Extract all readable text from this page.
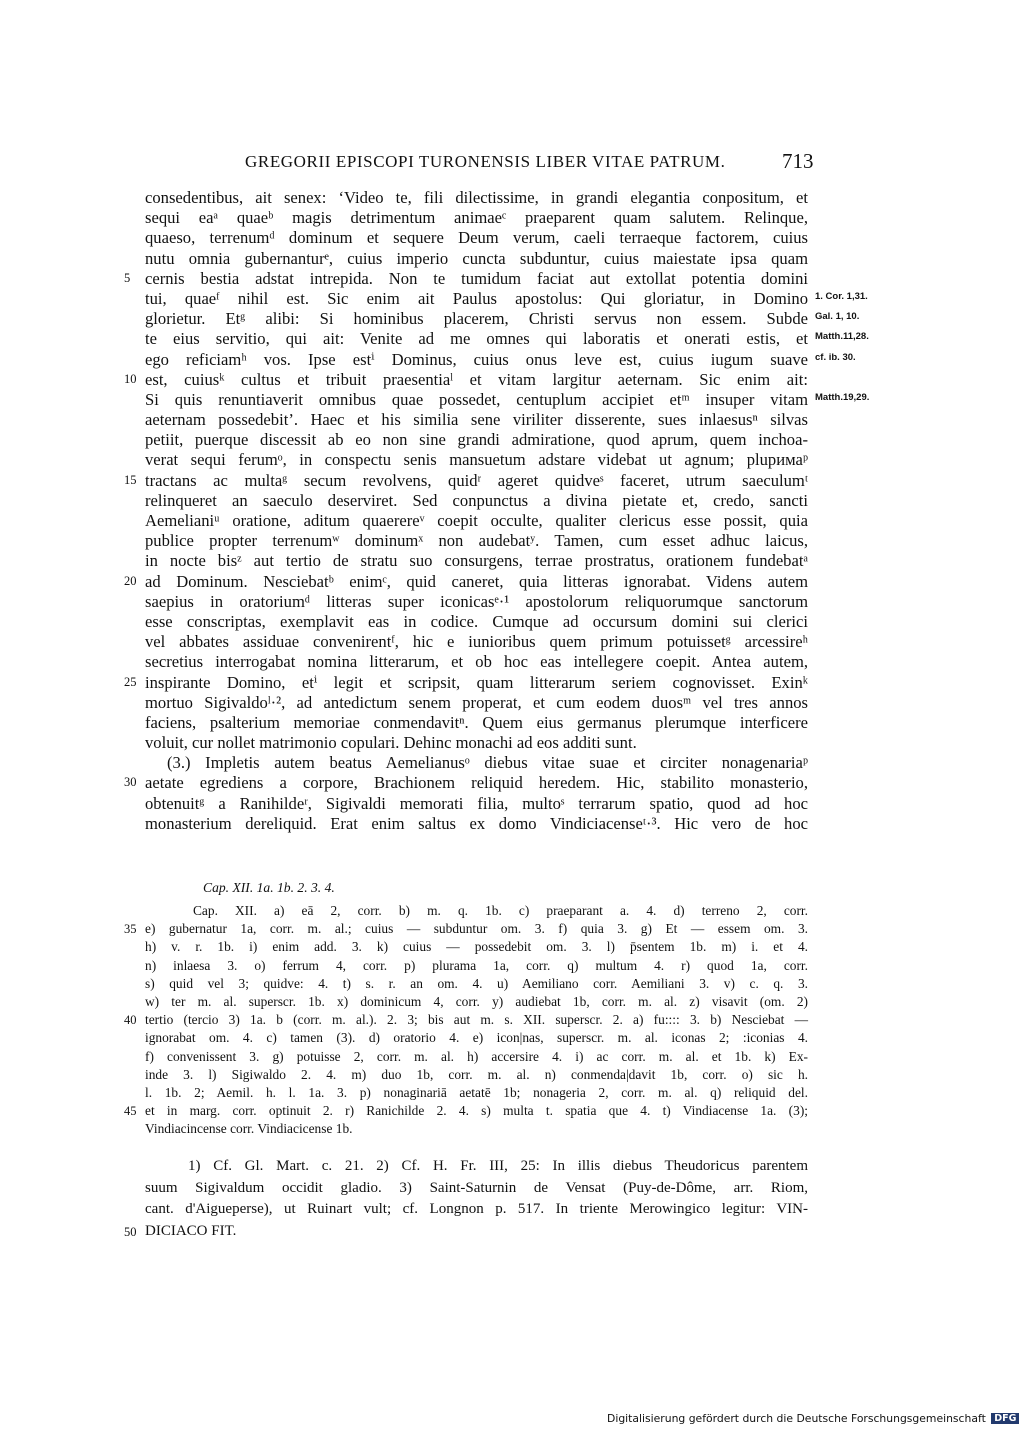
GREGORII EPISCOPI TURONENSIS LIBER VITAE PATRUM.	713
consedentibus, ait senex: ‘Video te, fili dilectissime, in grandi elegantia conpositum, et
sequi eaᵃ quaeᵇ magis detrimentum animaeᶜ praeparent quam salutem. Relinque,
quaeso, terrenumᵈ dominum et sequere Deum verum, caeli terraeque factorem, cuius
nutu omnia gubernanturᵉ, cuius imperio cuncta subduntur, cuius maiestate ipsa quam
5 cernis bestia adstat intrepida. Non te tumidum faciat aut extollat potentia domini
tui, quaeᶠ nihil est. Sic enim ait Paulus apostolus: Qui gloriatur, in Domino 1. Cor. 1,31.
glorietur. Etᵍ alibi: Si hominibus placerem, Christi servus non essem. Subde Gal. 1, 10.
te eius servitio, qui ait: Venite ad me omnes qui laboratis et onerati estis, et Matth.11,28.
ego reficiamʰ vos. Ipse estⁱ Dominus, cuius onus leve est, cuius iugum suave cf. ib. 30.
10 est, cuiusᵏ cultus et tribuit praesentiaˡ et vitam largitur aeternam. Sic enim ait:
Si quis renuntiaverit omnibus quae possedet, centuplum accipiet etᵐ insuper vitam Matth.19,29.
aeternam possedebit’. Haec et his similia sene viriliter disserente, sues inlaesusⁿ silvas
petiit, puerque discessit ab eo non sine grandi admiratione, quod aprum, quem inchoa-
verat sequi ferumᵒ, in conspectu senis mansuetum adstare videbat ut agnum; pluримаᵖ
15 tractans ac multaᵍ secum revolvens, quidʳ ageret quidveˢ faceret, utrum saeculumᵗ
relinqueret an saeculo deserviret. Sed conpunctus a divina pietate et, credo, sancti
Aemelianiᵘ oratione, aditum quaerereᵛ coepit occulte, qualiter clericus esse possit, quia
publice propter terrenumʷ dominumˣ non audebatʸ. Tamen, cum esset adhuc laicus,
in nocte bisᶻ aut tertio de stratu suo consurgens, terrae prostratus, orationem fundebatᵃ
20 ad Dominum. Nesciebatᵇ enimᶜ, quid caneret, quia litteras ignorabat. Videns autem
saepius in oratoriumᵈ litteras super iconicasᵉ·¹ apostolorum reliquorumque sanctorum
esse conscriptas, exemplavit eas in codice. Cumque ad occursum domini sui clerici
vel abbates assiduae convenirentᶠ, hic e iunioribus quem primum potuissetᵍ arcessireʰ
secretius interrogabat nomina litterarum, et ob hoc eas intellegere coepit. Antea autem,
25 inspirante Domino, etⁱ legit et scripsit, quam litterarum seriem cognovisset. Exinᵏ
mortuo Sigivaldoˡ·², ad antedictum senem properat, et cum eodem duosᵐ vel tres annos
faciens, psalterium memoriae conmendavitⁿ. Quem eius germanus plerumque interficere
voluit, cur nollet matrimonio copulari. Dehinc monachi ad eos additi sunt.
(3.) Impletis autem beatus Aemelianusᵒ diebus vitae suae et circiter nonagenariaᵖ
30 aetate egrediens a corpore, Brachionem reliquid heredem. Hic, stabilito monasterio,
obtenuitᵍ a Ranihildeʳ, Sigivaldi memorati filia, multoˢ terrarum spatio, quod ad hoc
monasterium dereliquid. Erat enim saltus ex domo Vindiciacenseᵗ·³. Hic vero de hoc
Cap. XII. 1a. 1b. 2. 3. 4.
Cap. XII. a) eā 2, corr. b) m. q. 1b. c) praeparant a. 4. d) terreno 2, corr.
35 e) gubernatur 1a, corr. m. al.; cuius — subduntur om. 3. f) quia 3. g) Et — essem om. 3.
h) v. r. 1b. i) enim add. 3. k) cuius — possedebit om. 3. l) p̄sentem 1b. m) i. et 4.
n) inlaesa 3. o) ferrum 4, corr. p) plurama 1a, corr. q) multum 4. r) quod 1a, corr.
s) quid vel 3; quidve: 4. t) s. r. an om. 4. u) Aemiliano corr. Aemiliani 3. v) c. q. 3.
w) ter m. al. superscr. 1b. x) dominicum 4, corr. y) audiebat 1b, corr. m. al. z) visavit (om. 2)
40 tertio (tercio 3) 1a. b (corr. m. al.). 2. 3; bis aut m. s. XII. superscr. 2. a) fu:::: 3. b) Nesciebat —
ignorabat om. 4. c) tamen (3). d) oratorio 4. e) icon|nas, superscr. m. al. iconas 2; :iconias 4.
f) convenissent 3. g) potuisse 2, corr. m. al. h) accersire 4. i) ac corr. m. al. et 1b. k) Ex-
inde 3. l) Sigiwaldo 2. 4. m) duo 1b, corr. m. al. n) conmenda|davit 1b, corr. o) sic h.
l. 1b. 2; Aemil. h. l. 1a. 3. p) nonaginariā aetatē 1b; nonageria 2, corr. m. al. q) reliquid del.
45 et in marg. corr. optinuit 2. r) Ranichilde 2. 4. s) multa t. spatia que 4. t) Vindiacense 1a. (3);
Vindiacincense corr. Vindiacicense 1b.
1) Cf. Gl. Mart. c. 21. 2) Cf. H. Fr. III, 25: In illis diebus Theudoricus parentem
suum Sigivaldum occidit gladio. 3) Saint-Saturnin de Vensat (Puy-de-Dôme, arr. Riom,
cant. d'Aigueperse), ut Ruinart vult; cf. Longnon p. 517. In triente Merowingico legitur: VIN-
50 DICIACO FIT.
Digitalisierung gefördert durch die Deutsche Forschungsgemeinschaft DFG
